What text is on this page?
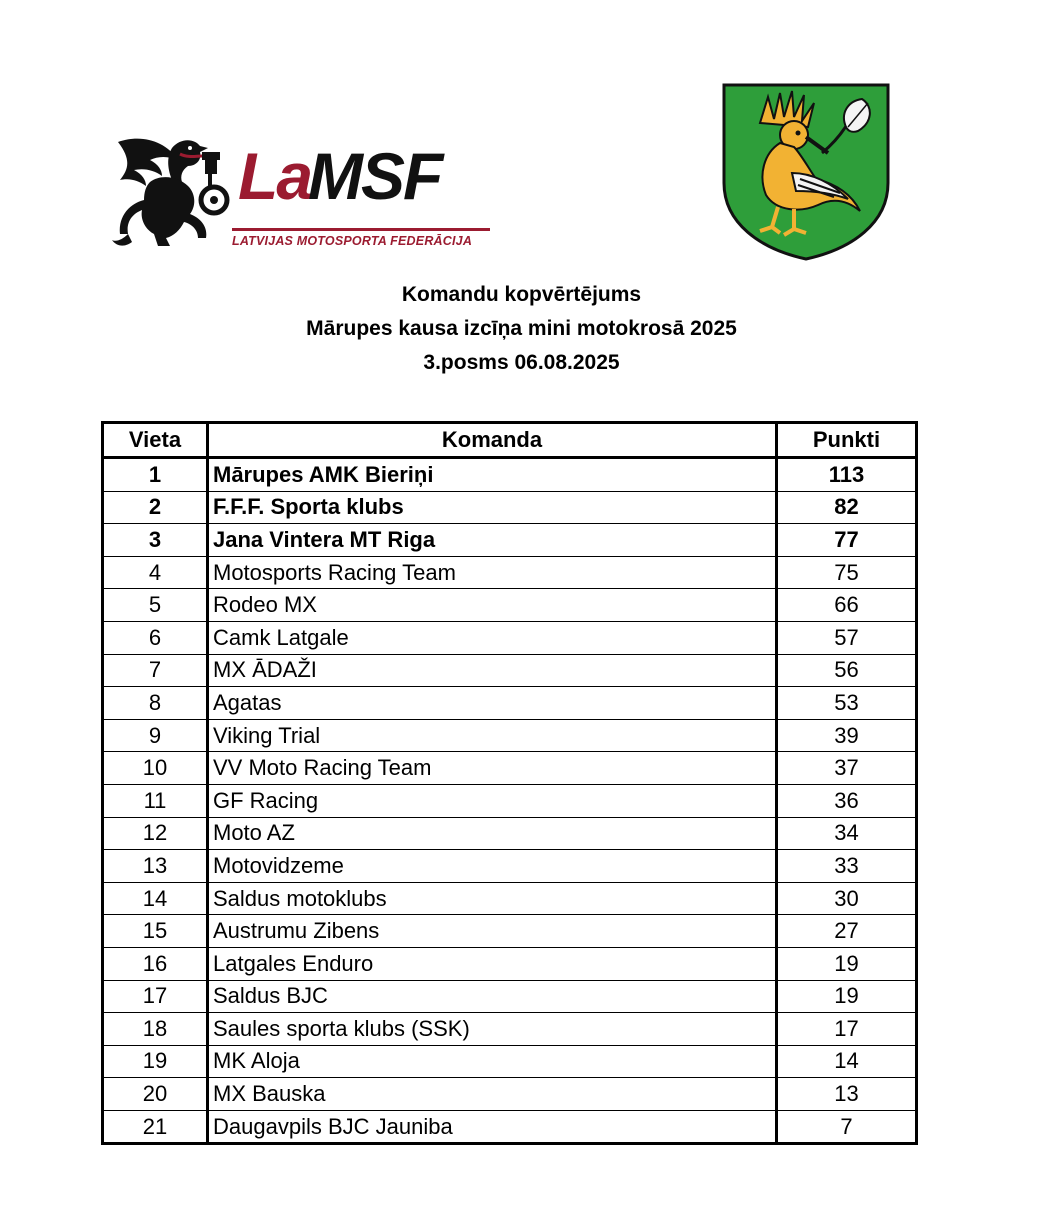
La
MSF
LATVIJAS MOTOSPORTA FEDERĀCIJA
Komandu kopvērtējums
Mārupes kausa izcīņa mini motokrosā 2025
3.posms 06.08.2025
Vieta	Komanda	Punkti
1	Mārupes AMK Bieriņi	113
2	F.F.F. Sporta klubs	82
3	Jana Vintera MT Riga	77
4	Motosports Racing Team	75
5	Rodeo MX	66
6	Camk Latgale	57
7	MX ĀDAŽI	56
8	Agatas	53
9	Viking Trial	39
10	VV Moto Racing Team	37
11	GF Racing	36
12	Moto AZ	34
13	Motovidzeme	33
14	Saldus motoklubs	30
15	Austrumu Zibens	27
16	Latgales Enduro	19
17	Saldus BJC	19
18	Saules sporta klubs (SSK)	17
19	MK Aloja	14
20	MX Bauska	13
21	Daugavpils BJC Jauniba	7
